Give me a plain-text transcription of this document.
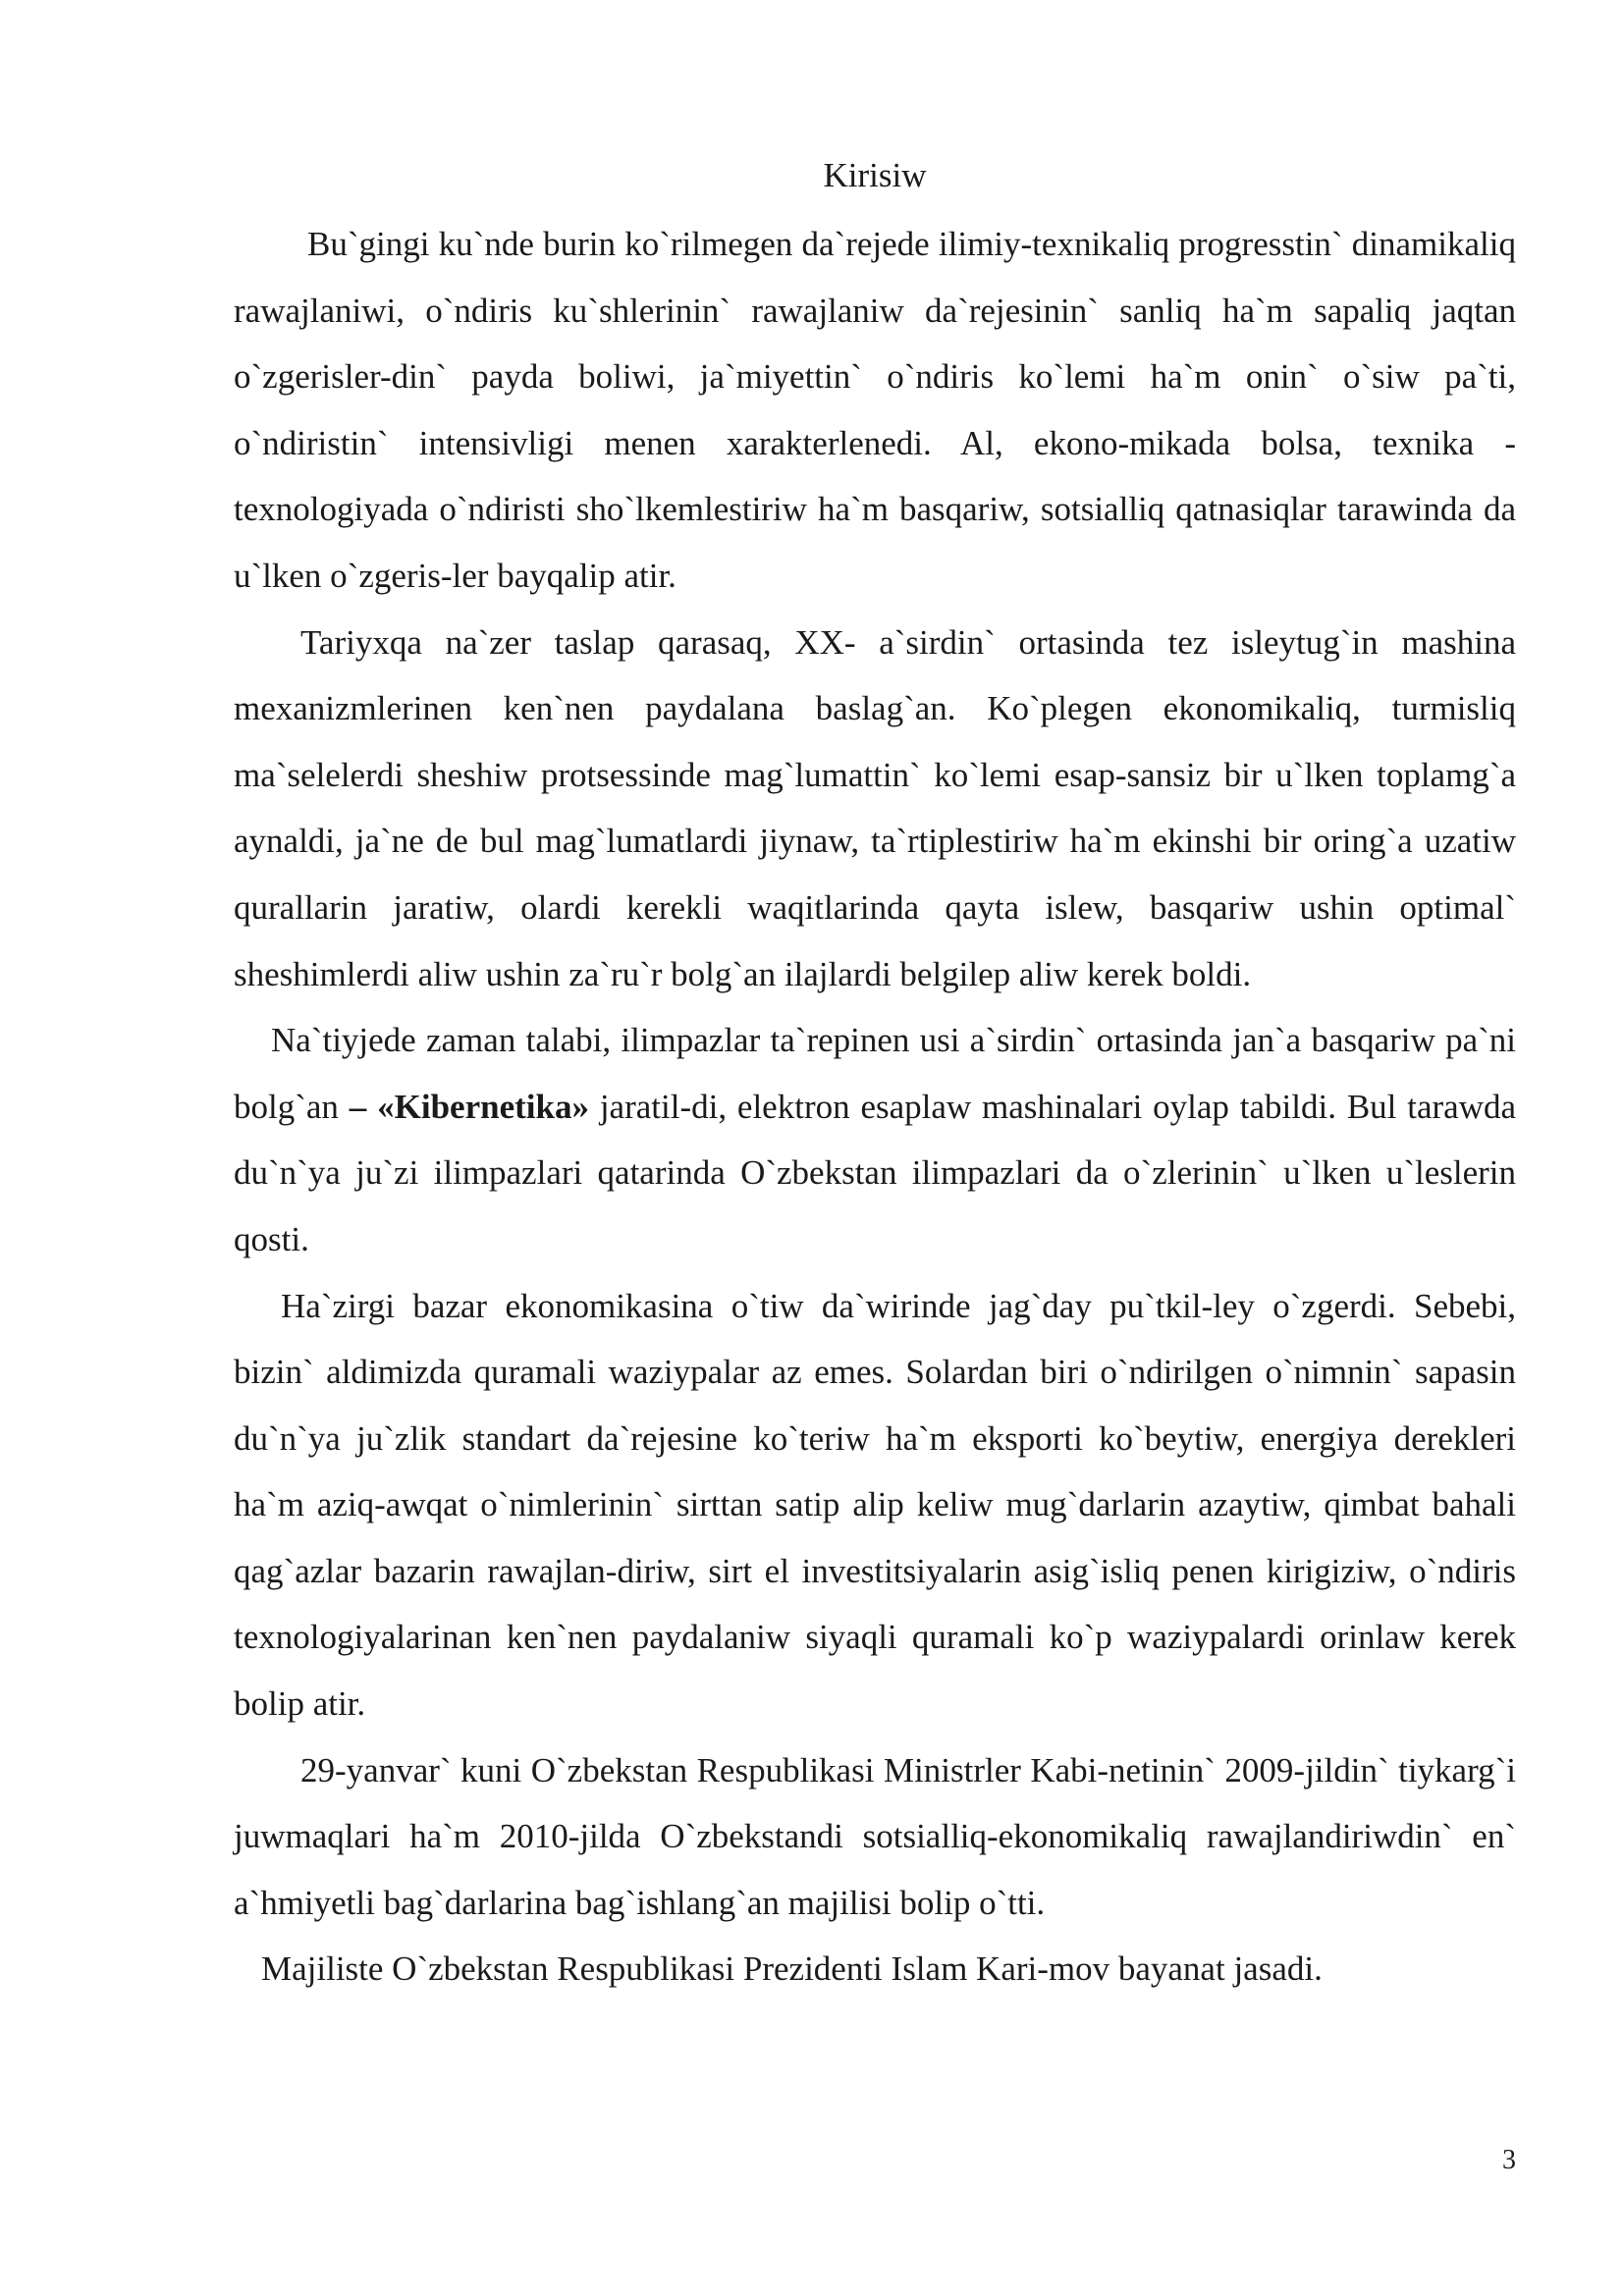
Kirisiw

Bu`gingi ku`nde burin ko`rilmegen da`rejede ilimiy-texnikaliq progresstin` dinamikaliq rawajlaniwi, o`ndiris ku`shlerinin` rawajlaniw da`rejesinin` sanliq ha`m sapaliq jaqtan o`zgerisler-din` payda boliwi, ja`miyettin` o`ndiris ko`lemi ha`m onin` o`siw pa`ti, o`ndiristin` intensivligi menen xarakterlenedi. Al, ekono-mikada bolsa, texnika - texnologiyada o`ndiristi sho`lkemlestiriw ha`m basqariw, sotsialliq qatnasiqlar tarawinda da u`lken o`zgeris-ler bayqalip atir.

Tariyxqa na`zer taslap qarasaq, XX- a`sirdin` ortasinda tez isleytug`in mashina mexanizmlerinen ken`nen paydalana baslag`an. Ko`plegen ekonomikaliq, turmisliq ma`selelerdi sheshiw protsessinde mag`lumattin` ko`lemi esap-sansiz bir u`lken toplamg`a aynaldi, ja`ne de bul mag`lumatlardi jiynaw, ta`rtiplestiriw ha`m ekinshi bir oring`a uzatiw qurallarin jaratiw, olardi kerekli waqitlarinda qayta islew, basqariw ushin optimal` sheshimlerdi aliw ushin za`ru`r bolg`an ilajlardi belgilep aliw kerek boldi.

Na`tiyjede zaman talabi, ilimpazlar ta`repinen usi a`sirdin` ortasinda jan`a basqariw pa`ni bolg`an – «Kibernetika» jaratil-di, elektron esaplaw mashinalari oylap tabildi. Bul tarawda du`n`ya ju`zi ilimpazlari qatarinda O`zbekstan ilimpazlari da o`zlerinin` u`lken u`leslerin qosti.

Ha`zirgi bazar ekonomikasina o`tiw da`wirinde jag`day pu`tkil-ley o`zgerdi. Sebebi, bizin` aldimizda quramali waziypalar az emes. Solardan biri o`ndirilgen o`nimnin` sapasin du`n`ya ju`zlik standart da`rejesine ko`teriw ha`m eksporti ko`beytiw, energiya derekleri ha`m aziq-awqat o`nimlerinin` sirttan satip alip keliw mug`darlarin azaytiw, qimbat bahali qag`azlar bazarin rawajlan-diriw, sirt el investitsiyalarin asig`isliq penen kirigiziw, o`ndiris texnologiyalarinan ken`nen paydalaniw siyaqli quramali ko`p waziypalardi orinlaw kerek bolip atir.

29-yanvar` kuni O`zbekstan Respublikasi Ministrler Kabi-netinin` 2009-jildin` tiykarg`i juwmaqlari ha`m 2010-jilda O`zbekstandi sotsialliq-ekonomikaliq rawajlandiriwdin` en` a`hmiyetli bag`darlarina bag`ishlang`an majilisi bolip o`tti.

Majiliste O`zbekstan Respublikasi Prezidenti Islam Kari-mov bayanat jasadi.

3
